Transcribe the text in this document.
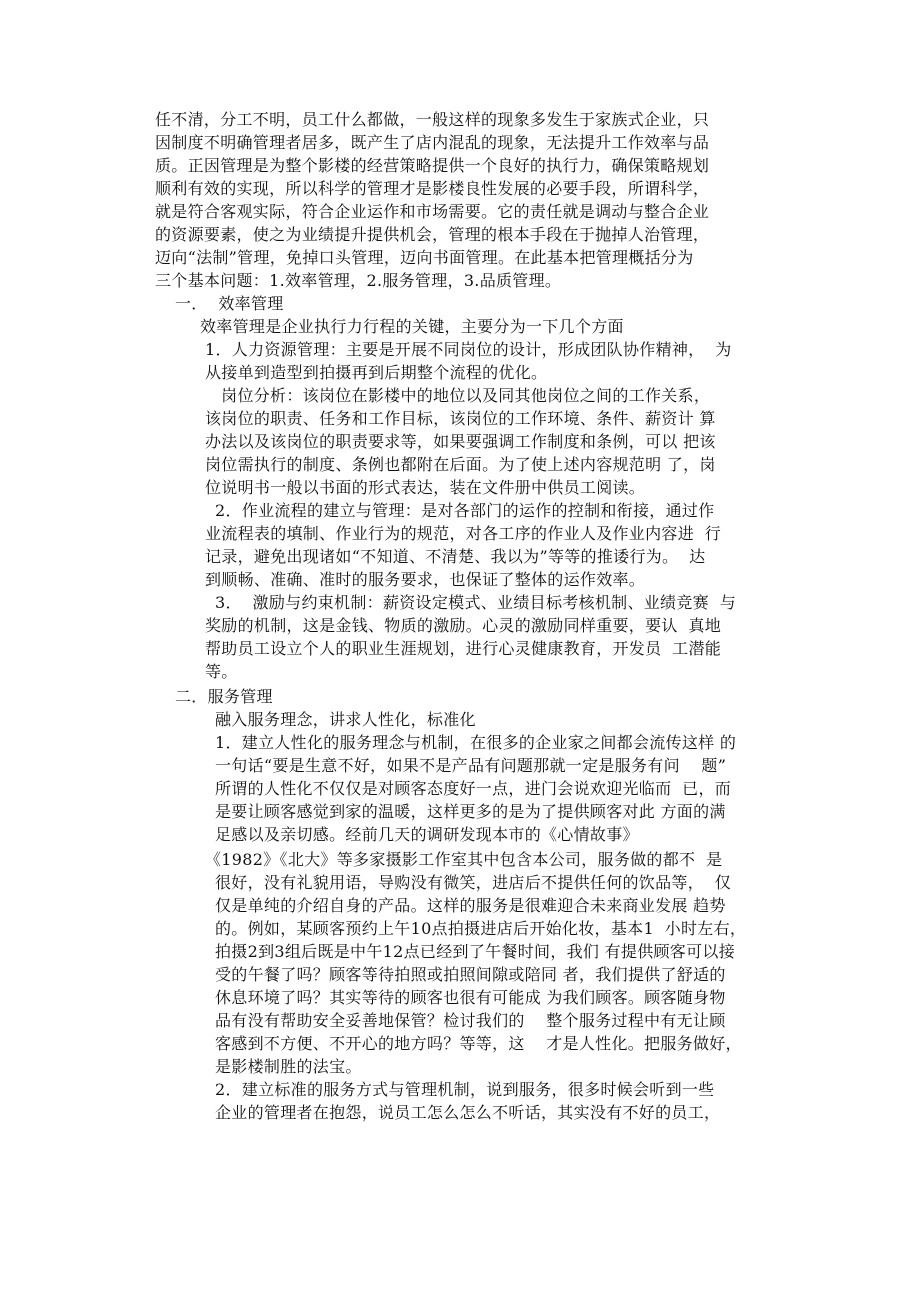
任不清，分工不明，员工什么都做，一般这样的现象多发生于家族式企业，只

因制度不明确管理者居多，既产生了店内混乱的现象，无法提升工作效率与品

质。正因管理是为整个影楼的经营策略提供一个良好的执行力，确保策略规划

顺利有效的实现，所以科学的管理才是影楼良性发展的必要手段，所谓科学，

就是符合客观实际，符合企业运作和市场需要。它的责任就是调动与整合企业

的资源要素，使之为业绩提升提供机会，管理的根本手段在于抛掉人治管理，

迈向“法制”管理，免掉口头管理，迈向书面管理。在此基本把管理概括分为

三个基本问题：1.效率管理，2.服务管理，3.品质管理。

一．  效率管理

效率管理是企业执行力行程的关键，主要分为一下几个方面

1．人力资源管理：主要是开展不同岗位的设计，形成团队协作精神，  为

从接单到造型到拍摄再到后期整个流程的优化。

岗位分析：该岗位在影楼中的地位以及同其他岗位之间的工作关系，

该岗位的职责、任务和工作目标，该岗位的工作环境、条件、薪资计 算

办法以及该岗位的职责要求等，如果要强调工作制度和条例，可以 把该

岗位需执行的制度、条例也都附在后面。为了使上述内容规范明 了，岗

位说明书一般以书面的形式表达，装在文件册中供员工阅读。

2．作业流程的建立与管理：是对各部门的运作的控制和衔接，通过作

业流程表的填制、作业行为的规范，对各工序的作业人及作业内容进  行

记录，避免出现诸如“不知道、不清楚、我以为”等等的推诿行为。  达

到顺畅、准确、准时的服务要求，也保证了整体的运作效率。

3．  激励与约束机制：薪资设定模式、业绩目标考核机制、业绩竞赛  与

奖励的机制，这是金钱、物质的激励。心灵的激励同样重要，要认  真地

帮助员工设立个人的职业生涯规划，进行心灵健康教育，开发员  工潜能

等。

二．服务管理

融入服务理念，讲求人性化，标准化

1．建立人性化的服务理念与机制，在很多的企业家之间都会流传这样 的

一句话“要是生意不好，如果不是产品有问题那就一定是服务有问    题”

所谓的人性化不仅仅是对顾客态度好一点，进门会说欢迎光临而  已，而

是要让顾客感觉到家的温暖，这样更多的是为了提供顾客对此 方面的满

足感以及亲切感。经前几天的调研发现本市的《心情故事》

《1982》《北大》等多家摄影工作室其中包含本公司，服务做的都不  是

很好，没有礼貌用语，导购没有微笑，进店后不提供任何的饮品等，  仅

仅是单纯的介绍自身的产品。这样的服务是很难迎合未来商业发展 趋势

的。例如，某顾客预约上午10点拍摄进店后开始化妆，基本1  小时左右，

拍摄2到3组后既是中午12点已经到了午餐时间，我们 有提供顾客可以接

受的午餐了吗？顾客等待拍照或拍照间隙或陪同 者，我们提供了舒适的

休息环境了吗？其实等待的顾客也很有可能成 为我们顾客。顾客随身物

品有没有帮助安全妥善地保管？检讨我们的    整个服务过程中有无让顾

客感到不方便、不开心的地方吗？等等，这    才是人性化。把服务做好，

是影楼制胜的法宝。

2．建立标准的服务方式与管理机制，说到服务，很多时候会听到一些

企业的管理者在抱怨，说员工怎么怎么不听话，其实没有不好的员工，
